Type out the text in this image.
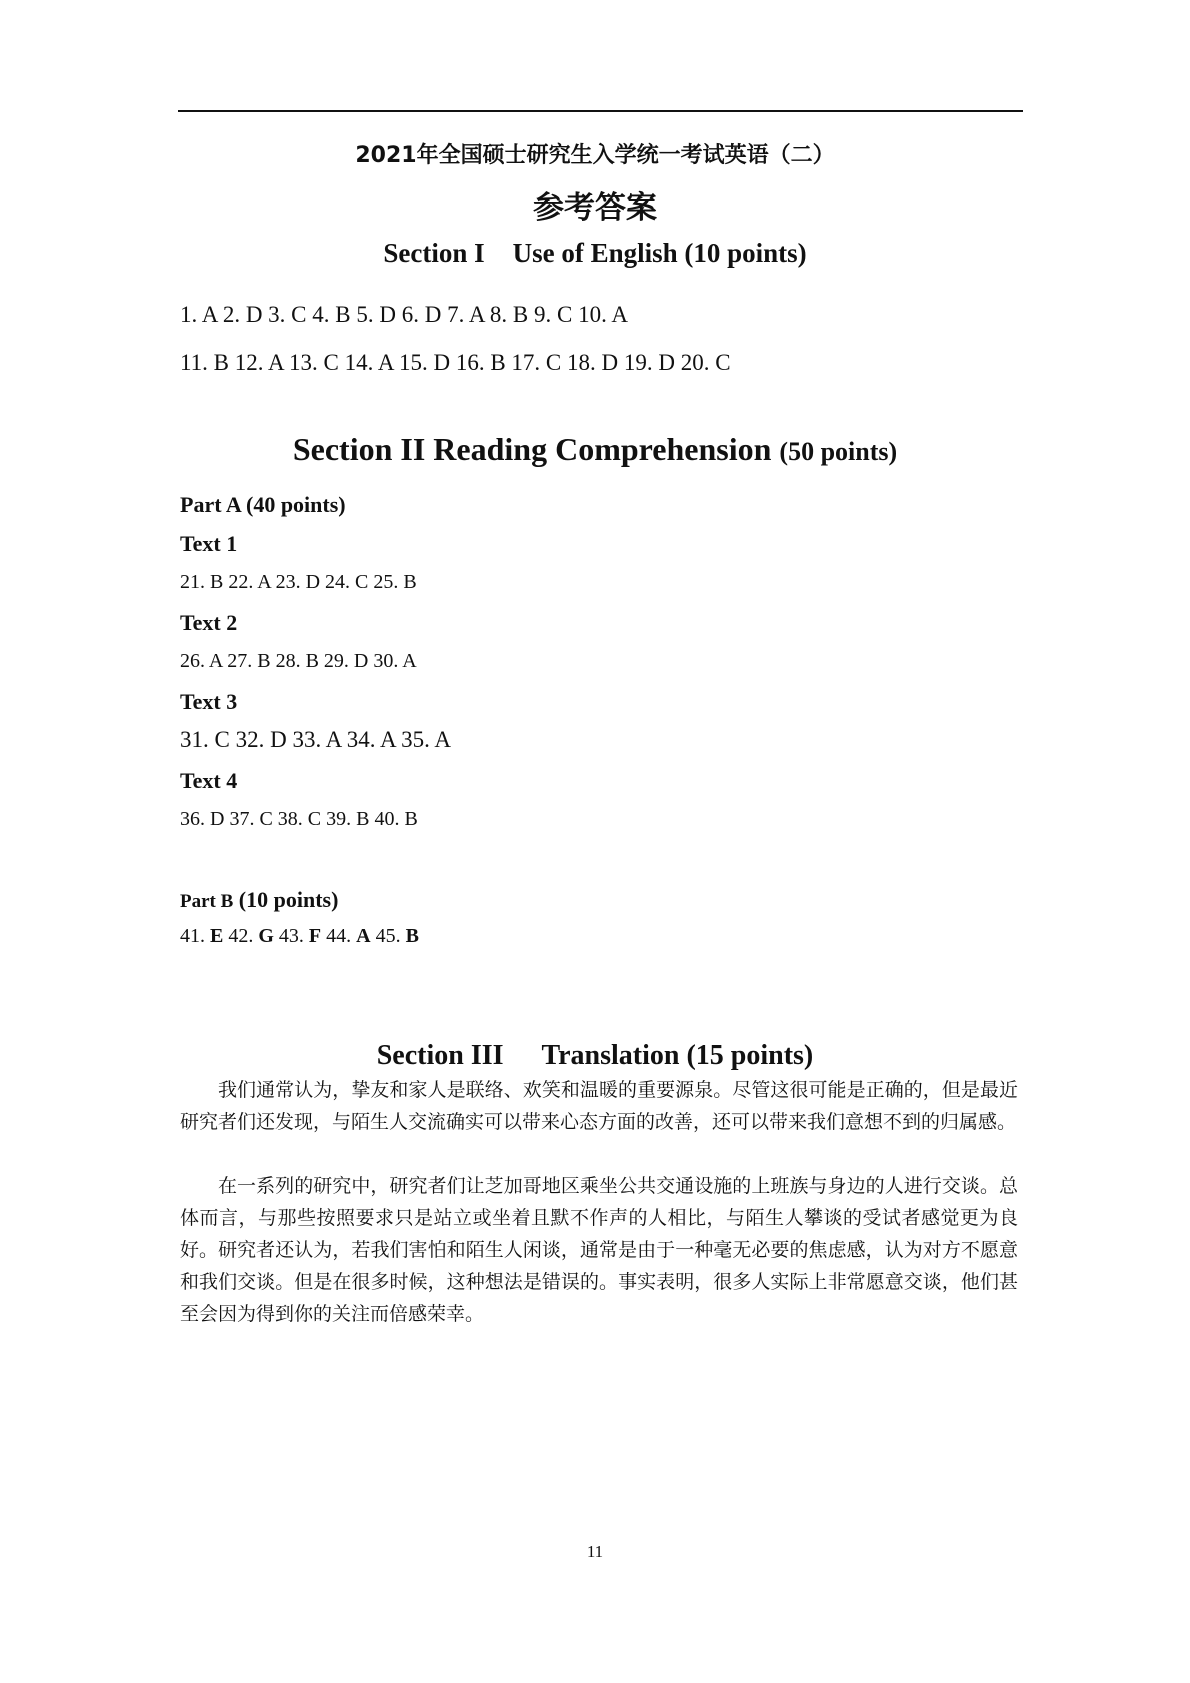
2021年全国硕士研究生入学统一考试英语（二）
参考答案
Section I Use of English (10 points)
1. A 2. D 3. C 4. B 5. D 6. D 7. A 8. B 9. C 10. A
11. B 12. A 13. C 14. A 15. D 16. B 17. C 18. D 19. D 20. C
Section II Reading Comprehension (50 points)
Part A (40 points)
Text 1
21. B 22. A 23. D 24. C 25. B
Text 2
26. A 27. B 28. B 29. D 30. A
Text 3
31. C 32. D 33. A 34. A 35. A
Text 4
36. D 37. C 38. C 39. B 40. B
Part B (10 points)
41. E 42. G 43. F 44. A 45. B
Section III Translation (15 points)

我们通常认为，挚友和家人是联络、欢笑和温暖的重要源泉。尽管这很可能是正确的，但是最近研究者们还发现，与陌生人交流确实可以带来心态方面的改善，还可以带来我们意想不到的归属感。

在一系列的研究中，研究者们让芝加哥地区乘坐公共交通设施的上班族与身边的人进行交谈。总体而言，与那些按照要求只是站立或坐着且默不作声的人相比，与陌生人攀谈的受试者感觉更为良好。研究者还认为，若我们害怕和陌生人闲谈，通常是由于一种毫无必要的焦虑感，认为对方不愿意和我们交谈。但是在很多时候，这种想法是错误的。事实表明，很多人实际上非常愿意交谈，他们甚至会因为得到你的关注而倍感荣幸。

11
